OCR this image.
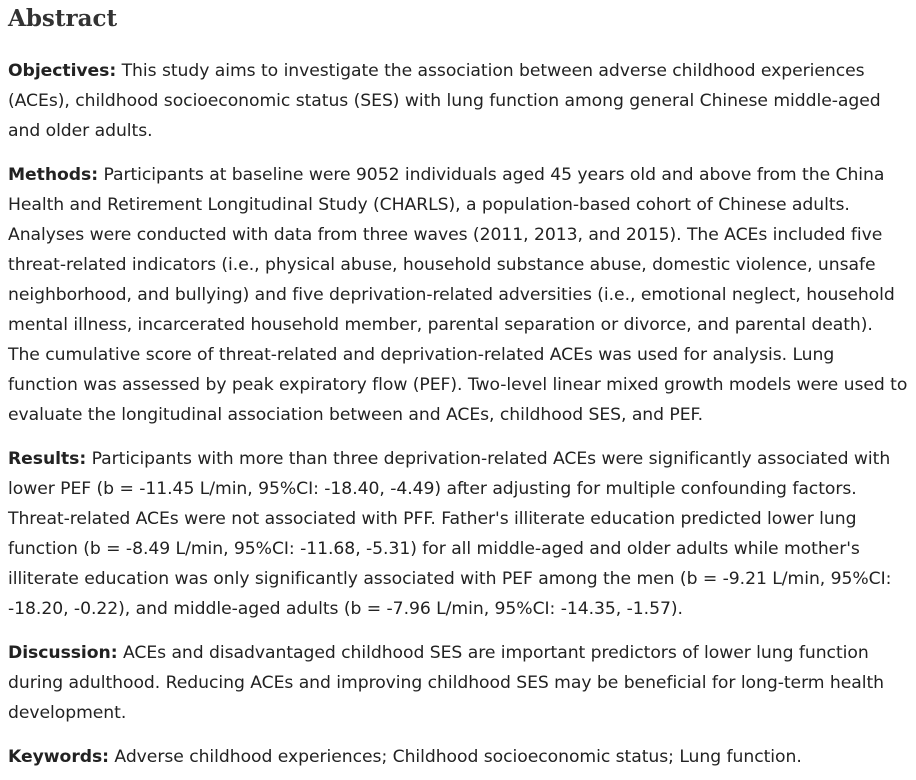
Abstract

Objectives: This study aims to investigate the association between adverse childhood experiences (ACEs), childhood socioeconomic status (SES) with lung function among general Chinese middle-aged and older adults.

Methods: Participants at baseline were 9052 individuals aged 45 years old and above from the China Health and Retirement Longitudinal Study (CHARLS), a population-based cohort of Chinese adults. Analyses were conducted with data from three waves (2011, 2013, and 2015). The ACEs included five threat-related indicators (i.e., physical abuse, household substance abuse, domestic violence, unsafe neighborhood, and bullying) and five deprivation-related adversities (i.e., emotional neglect, household mental illness, incarcerated household member, parental separation or divorce, and parental death). The cumulative score of threat-related and deprivation-related ACEs was used for analysis. Lung function was assessed by peak expiratory flow (PEF). Two-level linear mixed growth models were used to evaluate the longitudinal association between and ACEs, childhood SES, and PEF.

Results: Participants with more than three deprivation-related ACEs were significantly associated with lower PEF (b = -11.45 L/min, 95%CI: -18.40, -4.49) after adjusting for multiple confounding factors. Threat-related ACEs were not associated with PFF. Father's illiterate education predicted lower lung function (b = -8.49 L/min, 95%CI: -11.68, -5.31) for all middle-aged and older adults while mother's illiterate education was only significantly associated with PEF among the men (b = -9.21 L/min, 95%CI: -18.20, -0.22), and middle-aged adults (b = -7.96 L/min, 95%CI: -14.35, -1.57).

Discussion: ACEs and disadvantaged childhood SES are important predictors of lower lung function during adulthood. Reducing ACEs and improving childhood SES may be beneficial for long-term health development.

Keywords: Adverse childhood experiences; Childhood socioeconomic status; Lung function.
